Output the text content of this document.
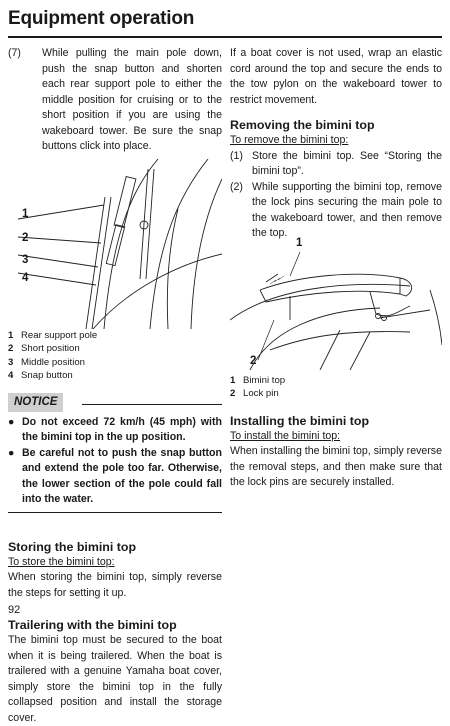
Equipment operation
(7) While pulling the main pole down, push the snap button and shorten each rear support pole to either the middle position for cruising or to the short position if you are using the wakeboard tower. Be sure the snap buttons click into place.
1
2
3
4
1 Rear support pole
2 Short position
3 Middle position
4 Snap button
NOTICE
● Do not exceed 72 km/h (45 mph) with the bimini top in the up position.
● Be careful not to push the snap button and extend the pole too far. Otherwise, the lower section of the pole could fall into the water.
Storing the bimini top

To store the bimini top:

When storing the bimini top, simply reverse the steps for setting it up.

Trailering with the bimini top

The bimini top must be secured to the boat when it is being trailered. When the boat is trailered with a genuine Yamaha boat cover, simply store the bimini top in the fully collapsed position and install the storage cover.

If a boat cover is not used, wrap an elastic cord around the top and secure the ends to the tow pylon on the wakeboard tower to restrict movement.

Removing the bimini top

To remove the bimini top:

(1) Store the bimini top. See “Storing the bimini top”.
(2) While supporting the bimini top, remove the lock pins securing the main pole to the wakeboard tower, and then remove the top.
1
2
1 Bimini top
2 Lock pin
Installing the bimini top

To install the bimini top:

When installing the bimini top, simply reverse the removal steps, and then make sure that the lock pins are securely installed.

92
